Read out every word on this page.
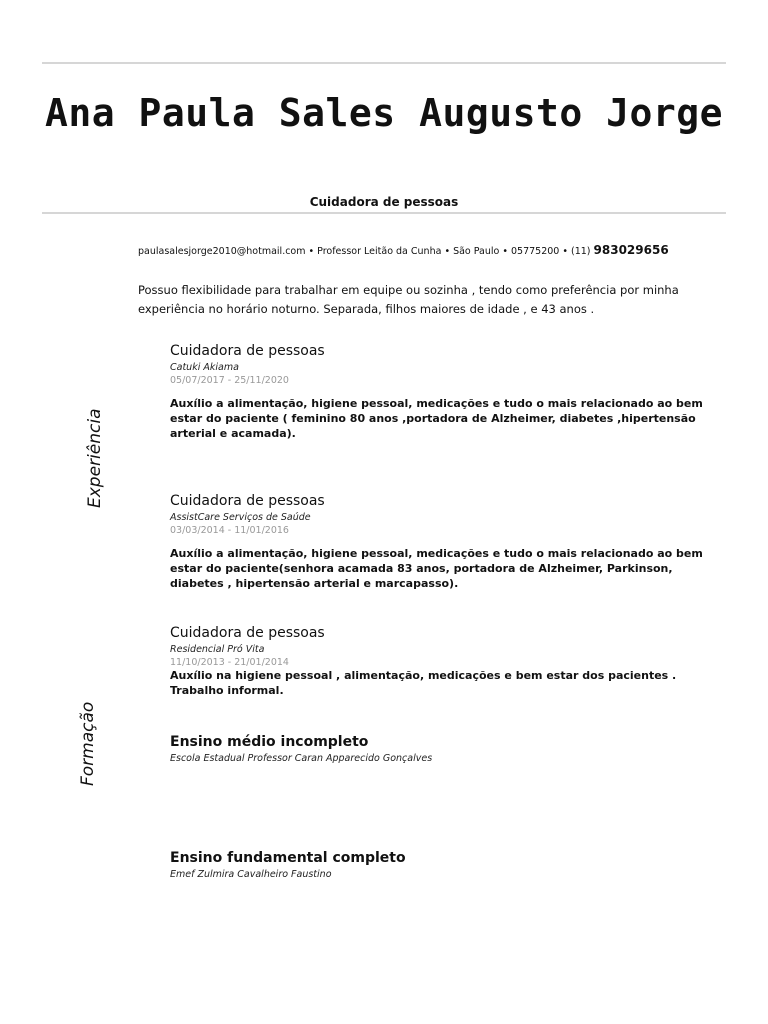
Ana Paula Sales Augusto Jorge
Cuidadora de pessoas
paulasalesjorge2010@hotmail.com • Professor Leitão da Cunha • São Paulo • 05775200 • (11) 983029656
Possuo flexibilidade para trabalhar em equipe ou sozinha , tendo como preferência por minha experiência no horário noturno. Separada, filhos maiores de idade , e 43 anos .
Experiência
Formação
Cuidadora de pessoas
Catuki Akiama
05/07/2017 - 25/11/2020
Auxílio a alimentação, higiene pessoal, medicações e tudo o mais relacionado ao bem estar do paciente ( feminino 80 anos ,portadora de Alzheimer, diabetes ,hipertensão arterial e acamada).
Cuidadora de pessoas
AssistCare Serviços de Saúde
03/03/2014 - 11/01/2016
Auxílio a alimentação, higiene pessoal, medicações e tudo o mais relacionado ao bem estar do paciente(senhora acamada 83 anos, portadora de Alzheimer, Parkinson, diabetes , hipertensão arterial e marcapasso).
Cuidadora de pessoas
Residencial Pró Vita
11/10/2013 - 21/01/2014
Auxílio na higiene pessoal , alimentação, medicações e bem estar dos pacientes . Trabalho informal.
Ensino médio incompleto
Escola Estadual Professor Caran Apparecido Gonçalves
Ensino fundamental completo
Emef Zulmira Cavalheiro Faustino
